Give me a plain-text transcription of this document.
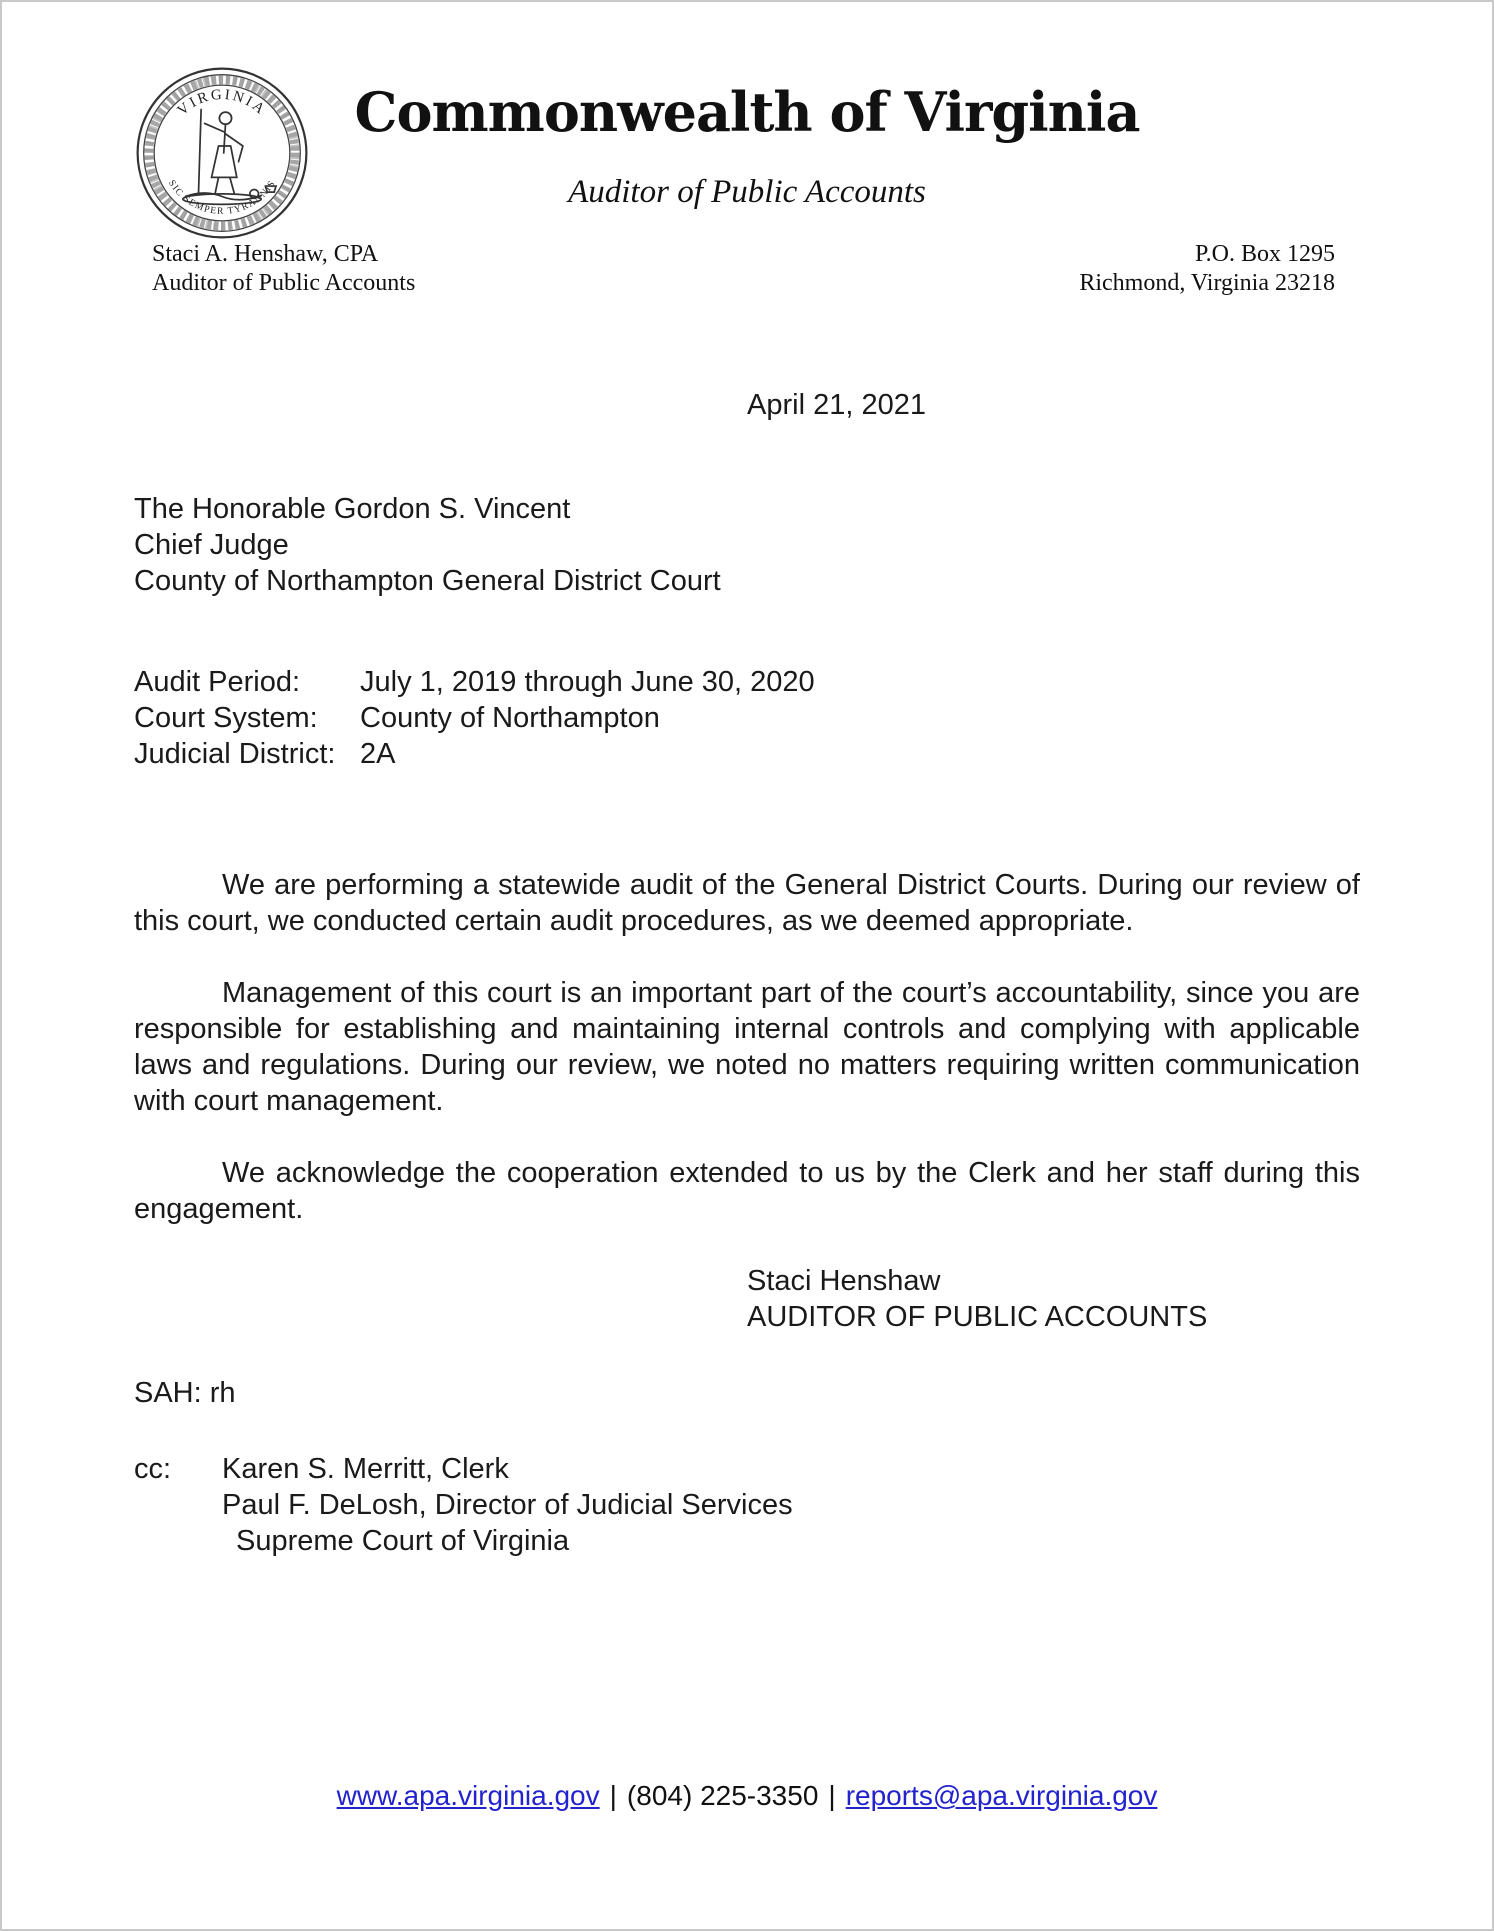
VIRGINIA
SIC SEMPER TYRANNIS
Commonwealth of Virginia
Auditor of Public Accounts
Staci A. Henshaw, CPA
Auditor of Public Accounts
P.O. Box 1295
Richmond, Virginia 23218
April 21, 2021
The Honorable Gordon S. Vincent
Chief Judge
County of Northampton General District Court
Audit Period:	July 1, 2019 through June 30, 2020
Court System:	County of Northampton
Judicial District: 2A

We are performing a statewide audit of the General District Courts. During our review of this court, we conducted certain audit procedures, as we deemed appropriate.

Management of this court is an important part of the court’s accountability, since you are responsible for establishing and maintaining internal controls and complying with applicable laws and regulations. During our review, we noted no matters requiring written communication with court management.

We acknowledge the cooperation extended to us by the Clerk and her staff during this engagement.

Staci Henshaw
AUDITOR OF PUBLIC ACCOUNTS
SAH: rh
cc:	Karen S. Merritt, Clerk
Paul F. DeLosh, Director of Judicial Services
Supreme Court of Virginia
www.apa.virginia.gov | (804) 225-3350 | reports@apa.virginia.gov
